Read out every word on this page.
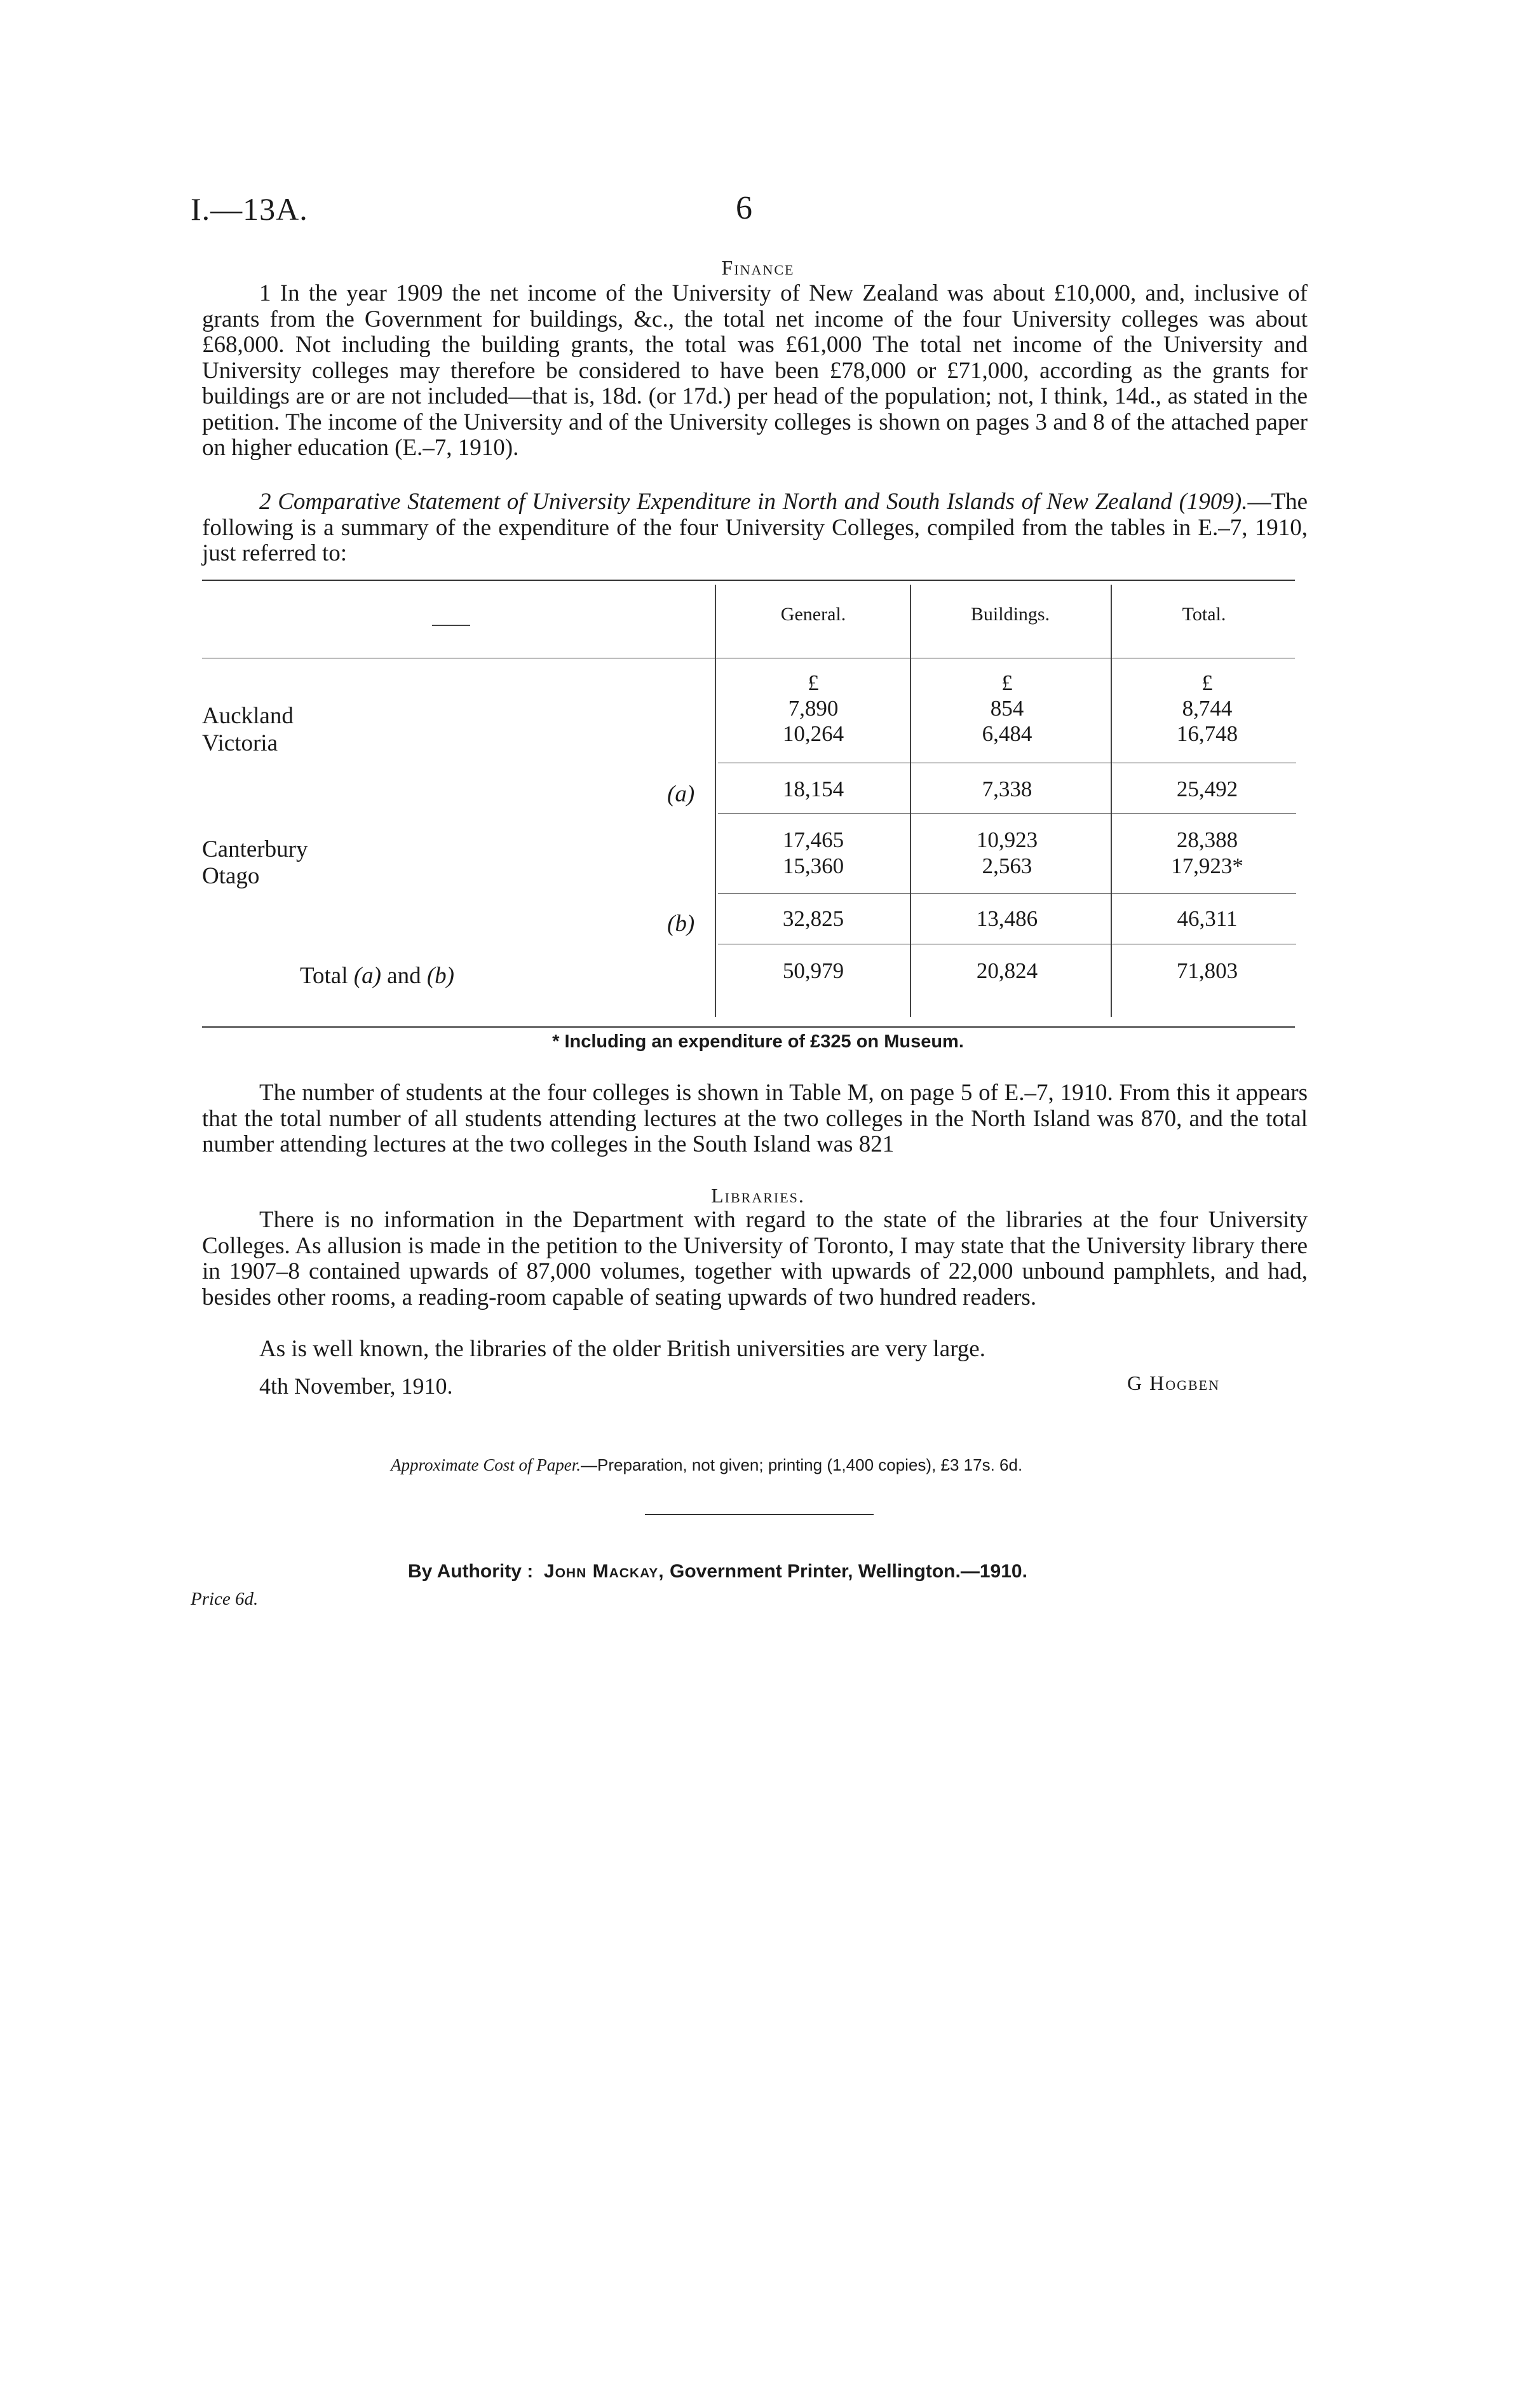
I.—13A.	6
Finance
1 In the year 1909 the net income of the University of New Zealand was about £10,000, and, inclusive of grants from the Government for buildings, &c., the total net income of the four University colleges was about £68,000. Not including the building grants, the total was £61,000 The total net income of the University and University colleges may therefore be considered to have been £78,000 or £71,000, according as the grants for buildings are or are not included—that is, 18d. (or 17d.) per head of the population; not, I think, 14d., as stated in the petition. The income of the University and of the University colleges is shown on pages 3 and 8 of the attached paper on higher education (E.–7, 1910).
2 Comparative Statement of University Expenditure in North and South Islands of New Zealand (1909).—The following is a summary of the expenditure of the four University Colleges, compiled from the tables in E.–7, 1910, just referred to:
General.	Buildings.	Total.
£	£	£
Auckland	7,890	854	8,744
Victoria	10,264	6,484	16,748
(a)	18,154	7,338	25,492
Canterbury	17,465	10,923	28,388
Otago	15,360	2,563	17,923*
(b)	32,825	13,486	46,311
Total (a) and (b)	50,979	20,824	71,803
* Including an expenditure of £325 on Museum.
The number of students at the four colleges is shown in Table M, on page 5 of E.–7, 1910. From this it appears that the total number of all students attending lectures at the two colleges in the North Island was 870, and the total number attending lectures at the two colleges in the South Island was 821
Libraries.
There is no information in the Department with regard to the state of the libraries at the four University Colleges. As allusion is made in the petition to the University of Toronto, I may state that the University library there in 1907–8 contained upwards of 87,000 volumes, together with upwards of 22,000 unbound pamphlets, and had, besides other rooms, a reading-room capable of seating upwards of two hundred readers.
As is well known, the libraries of the older British universities are very large.
4th November, 1910.	G Hogben
Approximate Cost of Paper.—Preparation, not given; printing (1,400 copies), £3 17s. 6d.
By Authority : John Mackay, Government Printer, Wellington.—1910.
Price 6d.
